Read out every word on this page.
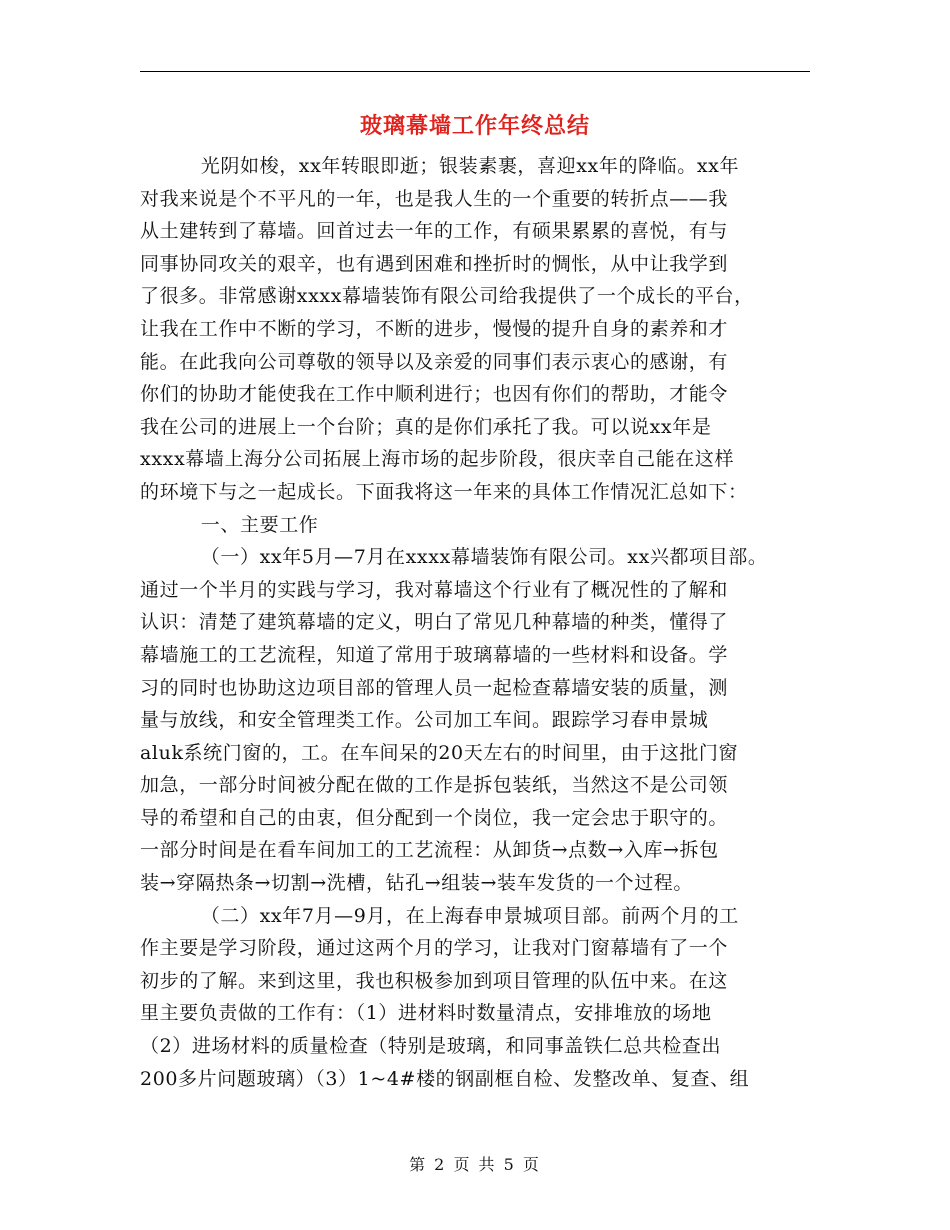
玻璃幕墙工作年终总结
光阴如梭，xx年转眼即逝；银装素裹，喜迎xx年的降临。xx年
对我来说是个不平凡的一年，也是我人生的一个重要的转折点——我
从土建转到了幕墙。回首过去一年的工作，有硕果累累的喜悦，有与
同事协同攻关的艰辛，也有遇到困难和挫折时的惆怅，从中让我学到
了很多。非常感谢xxxx幕墙装饰有限公司给我提供了一个成长的平台，
让我在工作中不断的学习，不断的进步，慢慢的提升自身的素养和才
能。在此我向公司尊敬的领导以及亲爱的同事们表示衷心的感谢，有
你们的协助才能使我在工作中顺利进行；也因有你们的帮助，才能令
我在公司的进展上一个台阶；真的是你们承托了我。可以说xx年是
xxxx幕墙上海分公司拓展上海市场的起步阶段，很庆幸自己能在这样
的环境下与之一起成长。下面我将这一年来的具体工作情况汇总如下：
一、主要工作
（一）xx年5月—7月在xxxx幕墙装饰有限公司。xx兴都项目部。
通过一个半月的实践与学习，我对幕墙这个行业有了概况性的了解和
认识：清楚了建筑幕墙的定义，明白了常见几种幕墙的种类，懂得了
幕墙施工的工艺流程，知道了常用于玻璃幕墙的一些材料和设备。学
习的同时也协助这边项目部的管理人员一起检查幕墙安装的质量，测
量与放线，和安全管理类工作。公司加工车间。跟踪学习春申景城
aluk系统门窗的，工。在车间呆的20天左右的时间里，由于这批门窗
加急，一部分时间被分配在做的工作是拆包装纸，当然这不是公司领
导的希望和自己的由衷，但分配到一个岗位，我一定会忠于职守的。
一部分时间是在看车间加工的工艺流程：从卸货→点数→入库→拆包
装→穿隔热条→切割→洗槽，钻孔→组装→装车发货的一个过程。
（二）xx年7月—9月，在上海春申景城项目部。前两个月的工
作主要是学习阶段，通过这两个月的学习，让我对门窗幕墙有了一个
初步的了解。来到这里，我也积极参加到项目管理的队伍中来。在这
里主要负责做的工作有：（1）进材料时数量清点，安排堆放的场地
（2）进场材料的质量检查（特别是玻璃，和同事盖铁仁总共检查出
200多片问题玻璃）（3）1~4#楼的钢副框自检、发整改单、复查、组
第 2 页 共 5 页
